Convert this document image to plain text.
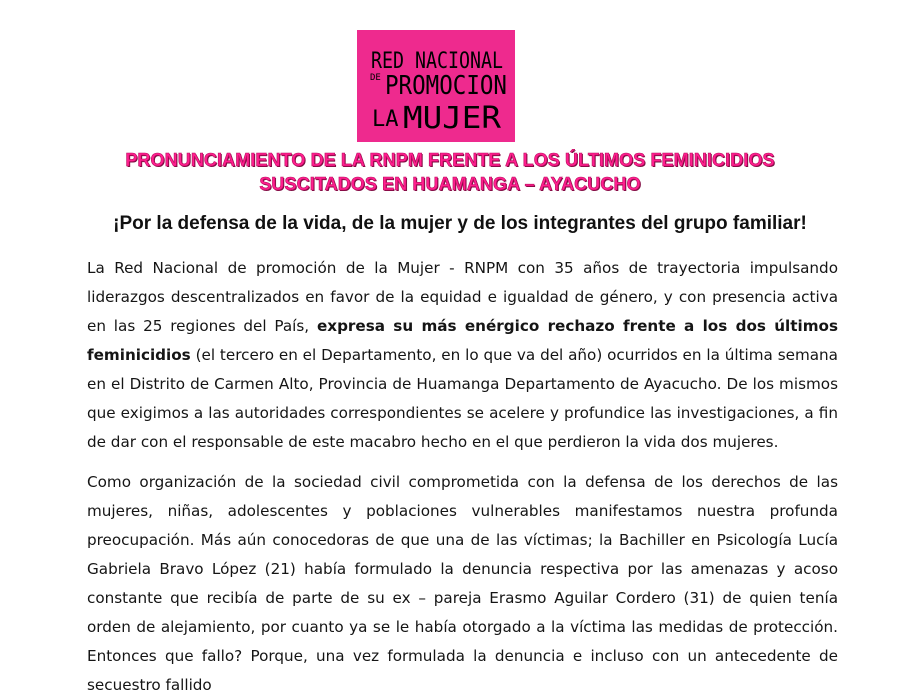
RED NACIONAL
DE PROMOCION
LA MUJER
PRONUNCIAMIENTO DE LA RNPM FRENTE A LOS ÚLTIMOS FEMINICIDIOS
SUSCITADOS EN HUAMANGA – AYACUCHO
¡Por la defensa de la vida, de la mujer y de los integrantes del grupo familiar!

La Red Nacional de promoción de la Mujer - RNPM con 35 años de trayectoria impulsando liderazgos descentralizados en favor de la equidad e igualdad de género, y con presencia activa en las 25 regiones del País, expresa su más enérgico rechazo frente a los dos últimos feminicidios (el tercero en el Departamento, en lo que va del año) ocurridos en la última semana en el Distrito de Carmen Alto, Provincia de Huamanga Departamento de Ayacucho. De los mismos que exigimos a las autoridades correspondientes se acelere y profundice las investigaciones, a fin de dar con el responsable de este macabro hecho en el que perdieron la vida dos mujeres.

Como organización de la sociedad civil comprometida con la defensa de los derechos de las mujeres, niñas, adolescentes y poblaciones vulnerables manifestamos nuestra profunda preocupación. Más aún conocedoras de que una de las víctimas; la Bachiller en Psicología Lucía Gabriela Bravo López (21) había formulado la denuncia respectiva por las amenazas y acoso constante que recibía de parte de su ex – pareja Erasmo Aguilar Cordero (31) de quien tenía orden de alejamiento, por cuanto ya se le había otorgado a la víctima las medidas de protección. Entonces que fallo? Porque, una vez formulada la denuncia e incluso con un antecedente de secuestro fallido
